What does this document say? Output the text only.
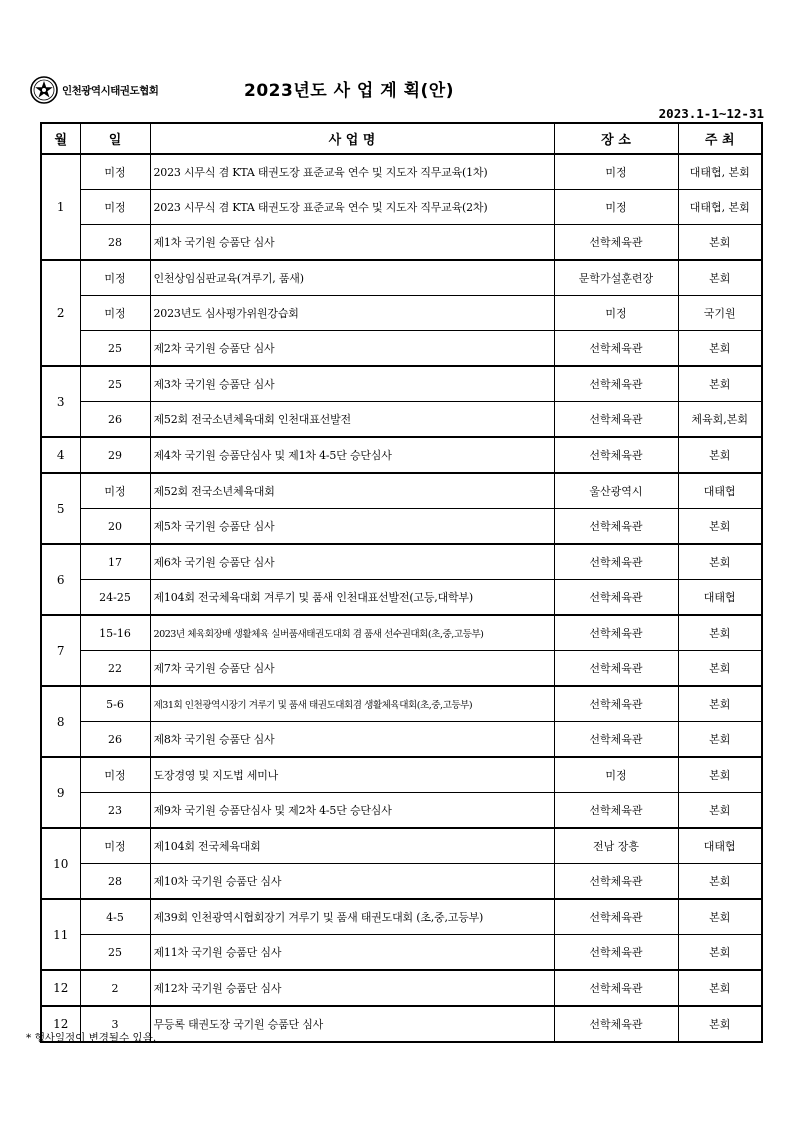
인천광역시태권도협회	2023년도 사 업 계 획(안)
2023.1-1~12-31
월	일	사 업 명	장 소	주 최
1	미정	2023 시무식 겸 KTA 태권도장 표준교육 연수 및 지도자 직무교육(1차)	미정	대태협, 본회
	미정	2023 시무식 겸 KTA 태권도장 표준교육 연수 및 지도자 직무교육(2차)	미정	대태협, 본회
	28	제1차 국기원 승품단 심사	선학체육관	본회
2	미정	인천상임심판교육(겨루기, 품새)	문학가설훈련장	본회
	미정	2023년도 심사평가위원강습회	미정	국기원
	25	제2차 국기원 승품단 심사	선학체육관	본회
3	25	제3차 국기원 승품단 심사	선학체육관	본회
	26	제52회 전국소년체육대회 인천대표선발전	선학체육관	체육회,본회
4	29	제4차 국기원 승품단심사 및 제1차 4-5단 승단심사	선학체육관	본회
5	미정	제52회 전국소년체육대회	울산광역시	대태협
	20	제5차 국기원 승품단 심사	선학체육관	본회
6	17	제6차 국기원 승품단 심사	선학체육관	본회
	24-25	제104회 전국체육대회 겨루기 및 품새 인천대표선발전(고등,대학부)	선학체육관	대태협
7	15-16	2023년 체육회장배 생활체육 실버품새태권도대회 겸 품새 선수권대회(초,중,고등부)	선학체육관	본회
	22	제7차 국기원 승품단 심사	선학체육관	본회
8	5-6	제31회 인천광역시장기 겨루기 및 품새 태권도대회겸 생활체육대회(초,중,고등부)	선학체육관	본회
	26	제8차 국기원 승품단 심사	선학체육관	본회
9	미정	도장경영 및 지도법 세미나	미정	본회
	23	제9차 국기원 승품단심사 및 제2차 4-5단 승단심사	선학체육관	본회
10	미정	제104회 전국체육대회	전남 장흥	대태협
	28	제10차 국기원 승품단 심사	선학체육관	본회
11	4-5	제39회 인천광역시협회장기 겨루기 및 품새 태권도대회 (초,중,고등부)	선학체육관	본회
	25	제11차 국기원 승품단 심사	선학체육관	본회
12	2	제12차 국기원 승품단 심사	선학체육관	본회
12	3	무등록 태권도장 국기원 승품단 심사	선학체육관	본회
* 행사일정이 변경될수 있음.
